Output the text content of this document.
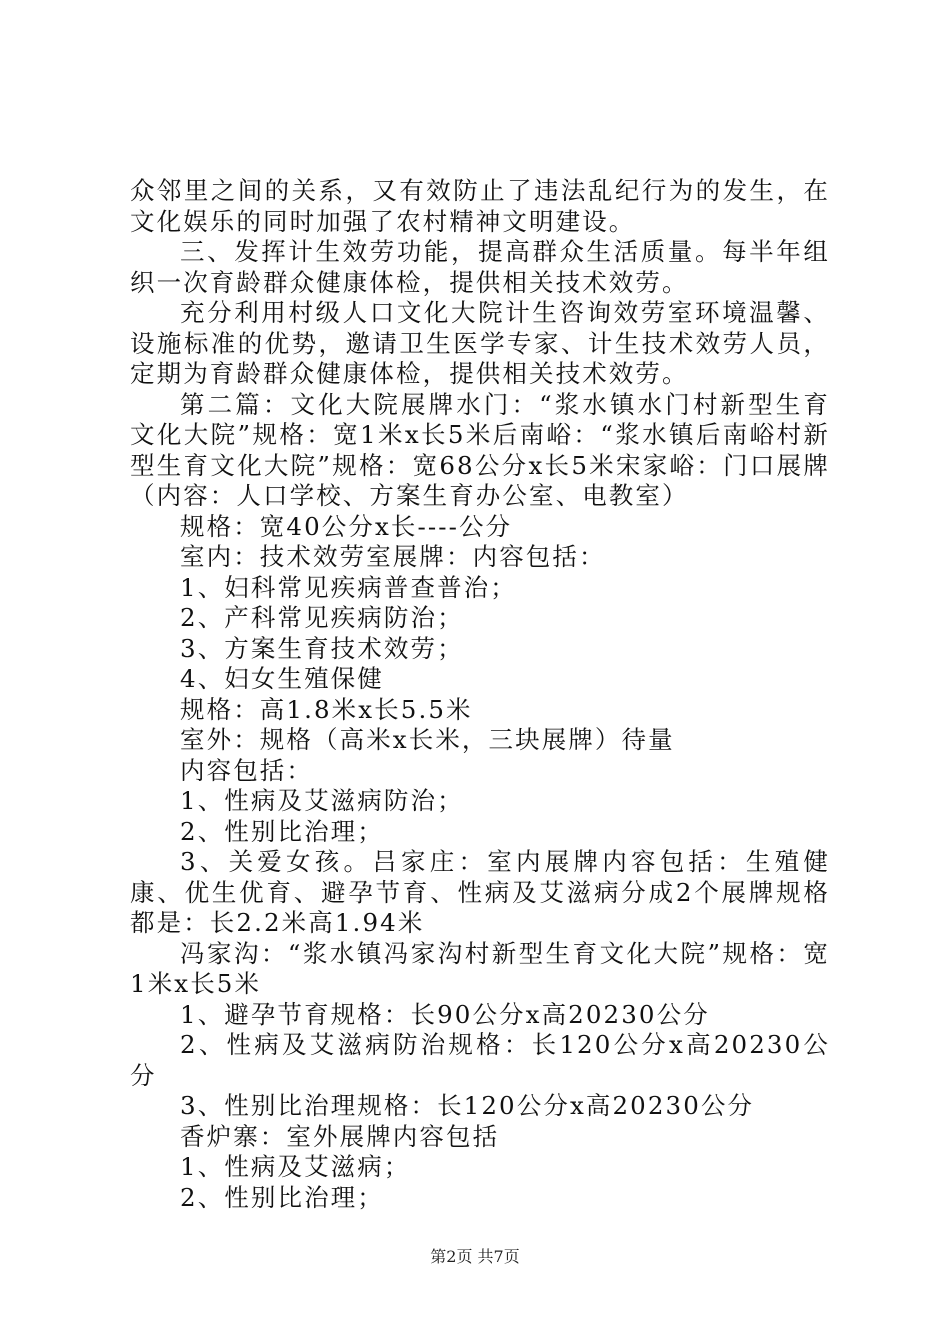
众邻里之间的关系，又有效防止了违法乱纪行为的发生，在文化娱乐的同时加强了农村精神文明建设。

三、发挥计生效劳功能，提高群众生活质量。每半年组织一次育龄群众健康体检，提供相关技术效劳。

充分利用村级人口文化大院计生咨询效劳室环境温馨、设施标准的优势，邀请卫生医学专家、计生技术效劳人员，定期为育龄群众健康体检，提供相关技术效劳。

第二篇：文化大院展牌水门：“浆水镇水门村新型生育文化大院”规格：宽1米x长5米后南峪：“浆水镇后南峪村新型生育文化大院”规格：宽68公分x长5米宋家峪：门口展牌（内容：人口学校、方案生育办公室、电教室）

规格：宽40公分x长----公分

室内：技术效劳室展牌：内容包括：

1、妇科常见疾病普查普治；

2、产科常见疾病防治；

3、方案生育技术效劳；

4、妇女生殖保健

规格：高1.8米x长5.5米

室外：规格（高米x长米，三块展牌）待量

内容包括：

1、性病及艾滋病防治；

2、性别比治理；

3、关爱女孩。吕家庄：室内展牌内容包括：生殖健康、优生优育、避孕节育、性病及艾滋病分成2个展牌规格都是：长2.2米高1.94米

冯家沟：“浆水镇冯家沟村新型生育文化大院”规格：宽1米x长5米

1、避孕节育规格：长90公分x高20230公分

2、性病及艾滋病防治规格：长120公分x高20230公分

3、性别比治理规格：长120公分x高20230公分

香炉寨：室外展牌内容包括

1、性病及艾滋病；

2、性别比治理；

第2页 共7页
